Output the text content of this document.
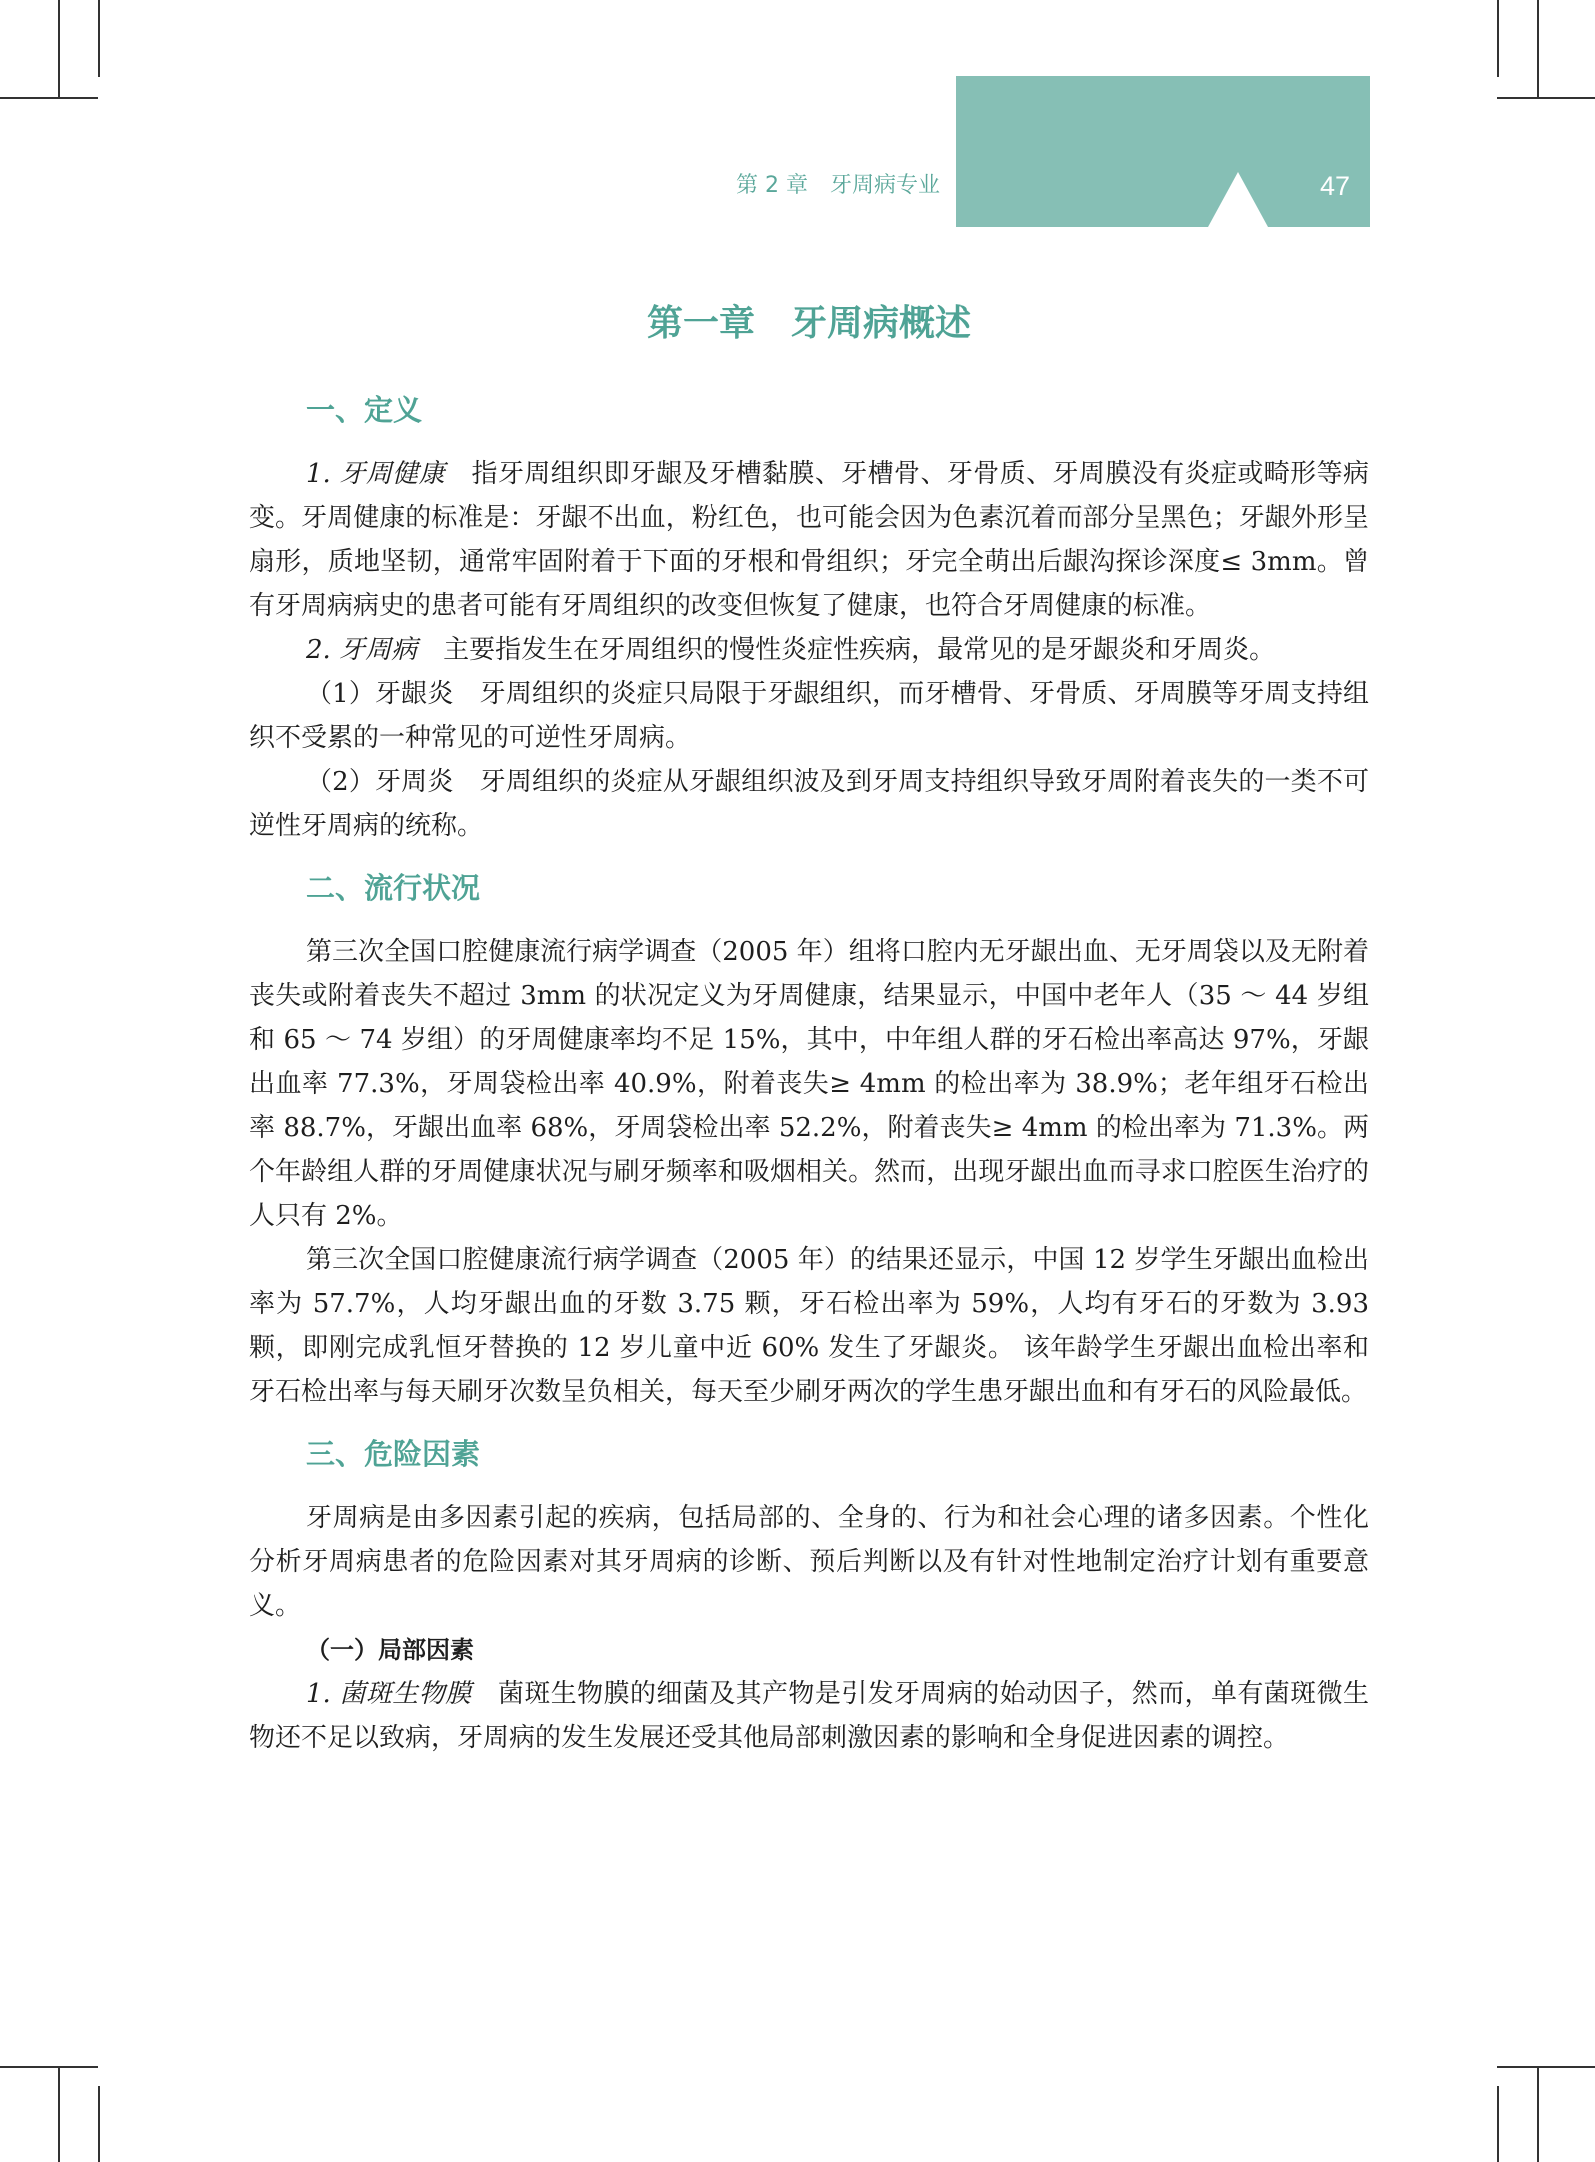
47
第 2 章　牙周病专业
第一章　牙周病概述
一、定义

1. 牙周健康　指牙周组织即牙龈及牙槽黏膜、牙槽骨、牙骨质、牙周膜没有炎症或畸形等病变。牙周健康的标准是：牙龈不出血，粉红色，也可能会因为色素沉着而部分呈黑色；牙龈外形呈扇形，质地坚韧，通常牢固附着于下面的牙根和骨组织；牙完全萌出后龈沟探诊深度≤ 3mm。曾有牙周病病史的患者可能有牙周组织的改变但恢复了健康，也符合牙周健康的标准。

2. 牙周病　主要指发生在牙周组织的慢性炎症性疾病，最常见的是牙龈炎和牙周炎。

（1）牙龈炎　牙周组织的炎症只局限于牙龈组织，而牙槽骨、牙骨质、牙周膜等牙周支持组织不受累的一种常见的可逆性牙周病。

（2）牙周炎　牙周组织的炎症从牙龈组织波及到牙周支持组织导致牙周附着丧失的一类不可逆性牙周病的统称。

二、流行状况

第三次全国口腔健康流行病学调查（2005 年）组将口腔内无牙龈出血、无牙周袋以及无附着丧失或附着丧失不超过 3mm 的状况定义为牙周健康，结果显示，中国中老年人（35 ～ 44 岁组和 65 ～ 74 岁组）的牙周健康率均不足 15%，其中，中年组人群的牙石检出率高达 97%，牙龈出血率 77.3%，牙周袋检出率 40.9%，附着丧失≥ 4mm 的检出率为 38.9%；老年组牙石检出率 88.7%，牙龈出血率 68%，牙周袋检出率 52.2%，附着丧失≥ 4mm 的检出率为 71.3%。两个年龄组人群的牙周健康状况与刷牙频率和吸烟相关。然而，出现牙龈出血而寻求口腔医生治疗的人只有 2%。

第三次全国口腔健康流行病学调查（2005 年）的结果还显示，中国 12 岁学生牙龈出血检出率为 57.7%，人均牙龈出血的牙数 3.75 颗，牙石检出率为 59%，人均有牙石的牙数为 3.93 颗，即刚完成乳恒牙替换的 12 岁儿童中近 60% 发生了牙龈炎。 该年龄学生牙龈出血检出率和牙石检出率与每天刷牙次数呈负相关，每天至少刷牙两次的学生患牙龈出血和有牙石的风险最低。

三、危险因素

牙周病是由多因素引起的疾病，包括局部的、全身的、行为和社会心理的诸多因素。个性化分析牙周病患者的危险因素对其牙周病的诊断、预后判断以及有针对性地制定治疗计划有重要意义。

（一）局部因素

1. 菌斑生物膜　菌斑生物膜的细菌及其产物是引发牙周病的始动因子，然而，单有菌斑微生物还不足以致病，牙周病的发生发展还受其他局部刺激因素的影响和全身促进因素的调控。
